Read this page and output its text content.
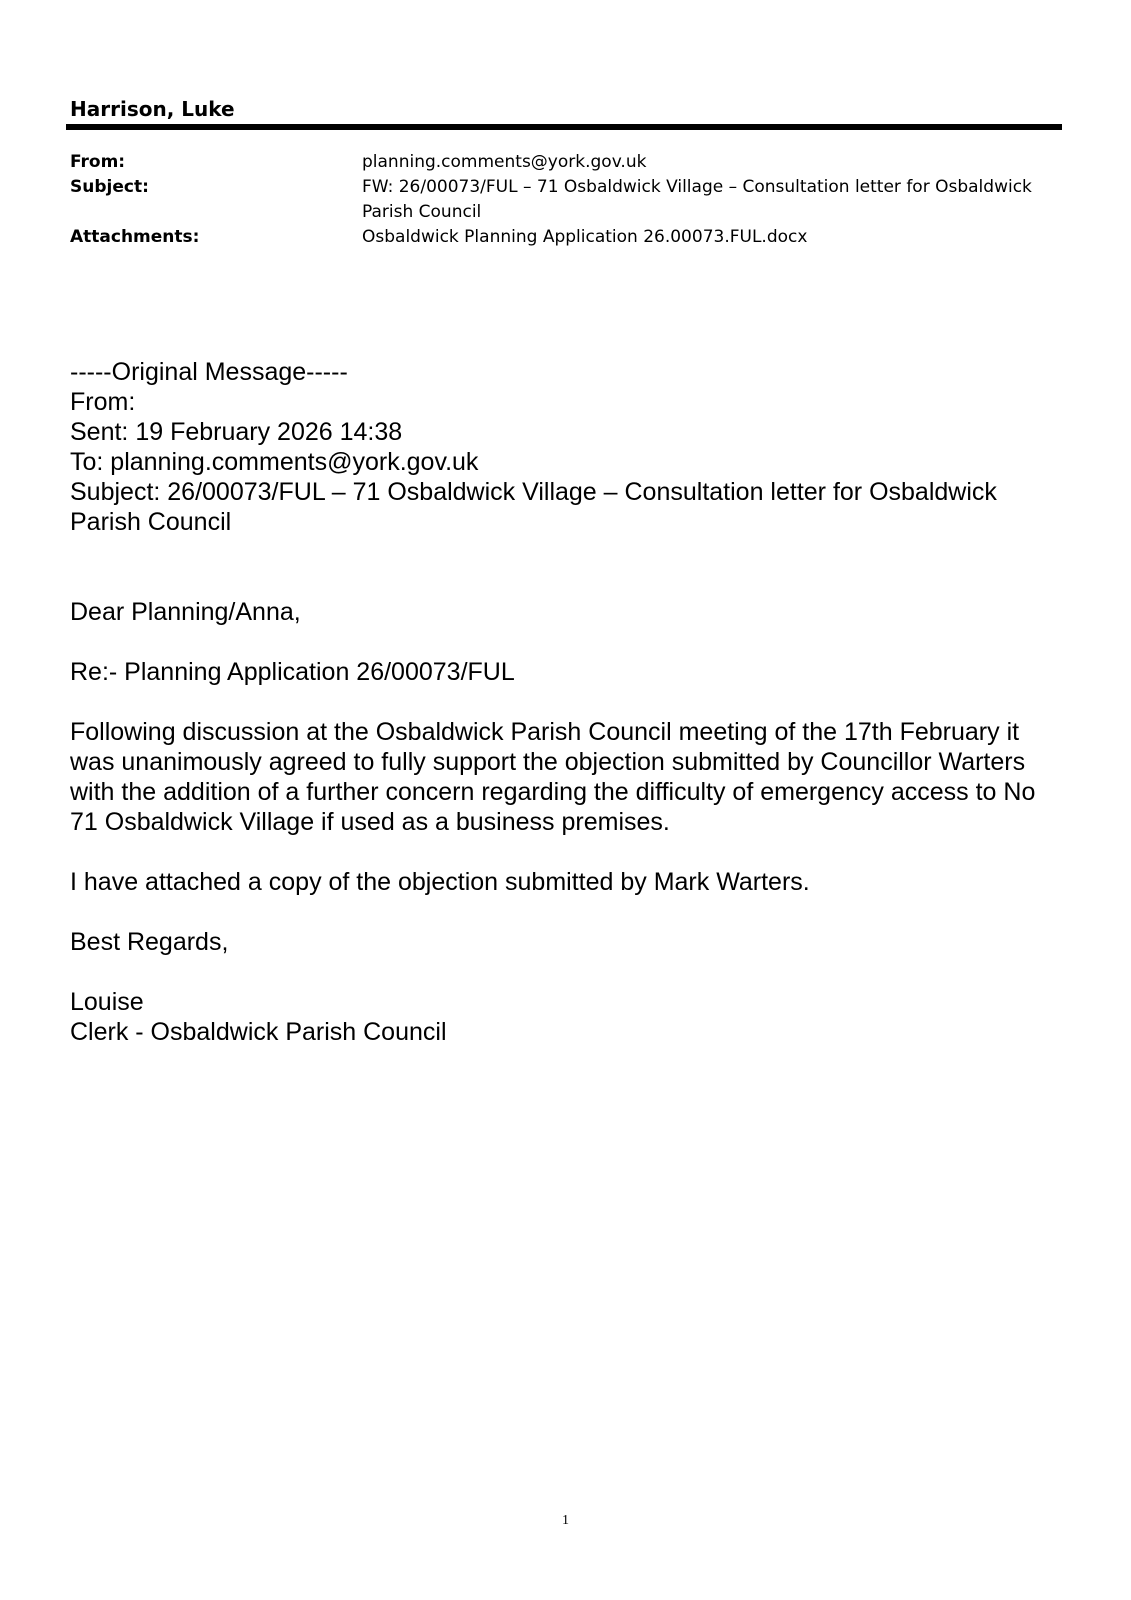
Harrison, Luke
From:	planning.comments@york.gov.uk
Subject:	FW: 26/00073/FUL – 71 Osbaldwick Village – Consultation letter for Osbaldwick Parish Council
Attachments:	Osbaldwick Planning Application 26.00073.FUL.docx
-----Original Message-----
From:
Sent: 19 February 2026 14:38
To: planning.comments@york.gov.uk
Subject: 26/00073/FUL – 71 Osbaldwick Village – Consultation letter for Osbaldwick Parish Council

Dear Planning/Anna,

Re:- Planning Application 26/00073/FUL

Following discussion at the Osbaldwick Parish Council meeting of the 17th February it was unanimously agreed to fully support the objection submitted by Councillor Warters with the addition of a further concern regarding the difficulty of emergency access to No 71 Osbaldwick Village if used as a business premises.

I have attached a copy of the objection submitted by Mark Warters.

Best Regards,

Louise
Clerk - Osbaldwick Parish Council
1
